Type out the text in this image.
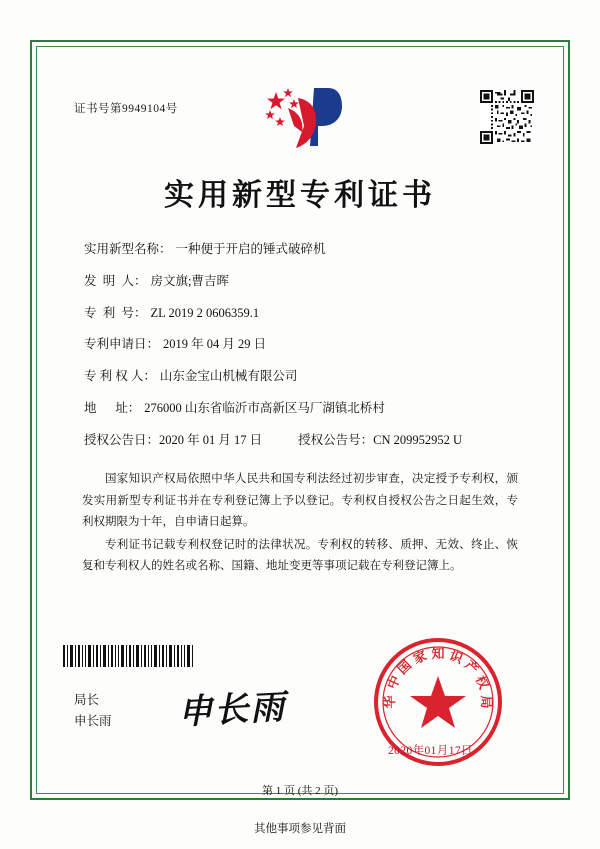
证书号第9949104号
实用新型专利证书
实用新型名称： 一种便于开启的锤式破碎机
发  明  人： 房文旗;曹吉晖
专  利  号： ZL 2019 2 0606359.1
专利申请日： 2019 年 04 月 29 日
专 利 权 人： 山东金宝山机械有限公司
地      址： 276000 山东省临沂市高新区马厂湖镇北桥村
授权公告日： 2020 年 01 月 17 日	授权公告号： CN 209952952 U

国家知识产权局依照中华人民共和国专利法经过初步审查，决定授予专利权，颁发实用新型专利证书并在专利登记簿上予以登记。专利权自授权公告之日起生效，专利权期限为十年，自申请日起算。

专利证书记载专利权登记时的法律状况。专利权的转移、质押、无效、终止、恢复和专利权人的姓名或名称、国籍、地址变更等事项记载在专利登记簿上。

局长
申长雨 申长雨
知 识
产
权
局
家
国
中
华
2020年01月17日
第 1 页 (共 2 页)
其他事项参见背面
